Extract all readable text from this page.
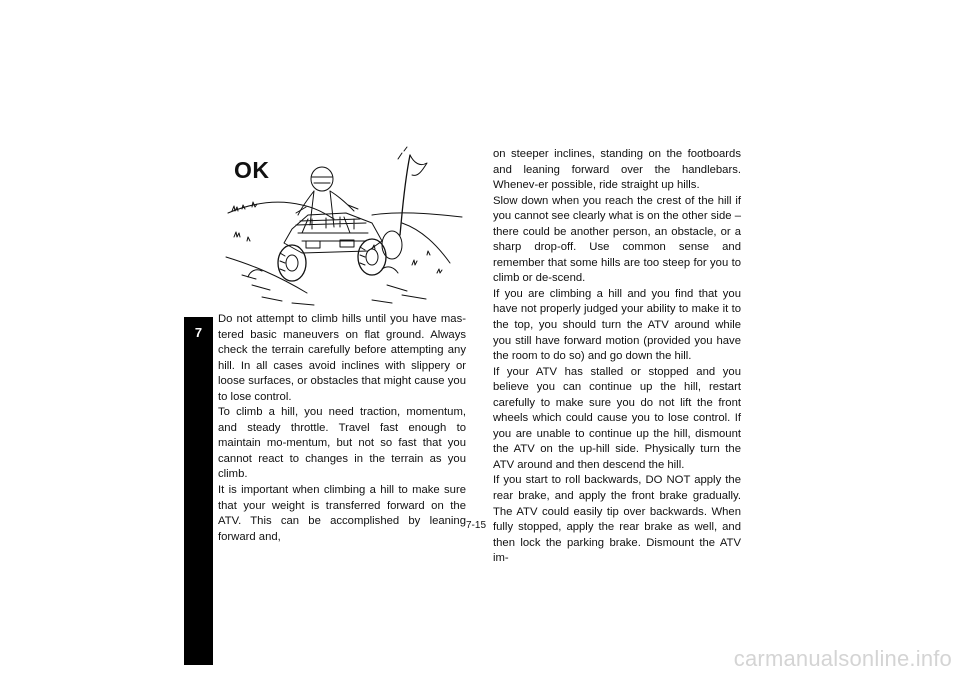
7
OK

Do not attempt to climb hills until you have mas-tered basic maneuvers on flat ground. Always check the terrain carefully before attempting any hill. In all cases avoid inclines with slippery or loose surfaces, or obstacles that might cause you to lose control.

To climb a hill, you need traction, momentum, and steady throttle. Travel fast enough to maintain mo-mentum, but not so fast that you cannot react to changes in the terrain as you climb.

It is important when climbing a hill to make sure that your weight is transferred forward on the ATV. This can be accomplished by leaning forward and,

on steeper inclines, standing on the footboards and leaning forward over the handlebars. Whenev-er possible, ride straight up hills.

Slow down when you reach the crest of the hill if you cannot see clearly what is on the other side – there could be another person, an obstacle, or a sharp drop-off. Use common sense and remember that some hills are too steep for you to climb or de-scend.

If you are climbing a hill and you find that you have not properly judged your ability to make it to the top, you should turn the ATV around while you still have forward motion (provided you have the room to do so) and go down the hill.

If your ATV has stalled or stopped and you believe you can continue up the hill, restart carefully to make sure you do not lift the front wheels which could cause you to lose control. If you are unable to continue up the hill, dismount the ATV on the up-hill side. Physically turn the ATV around and then descend the hill.

If you start to roll backwards, DO NOT apply the rear brake, and apply the front brake gradually. The ATV could easily tip over backwards. When fully stopped, apply the rear brake as well, and then lock the parking brake. Dismount the ATV im-

7-15
carmanualsonline.info
